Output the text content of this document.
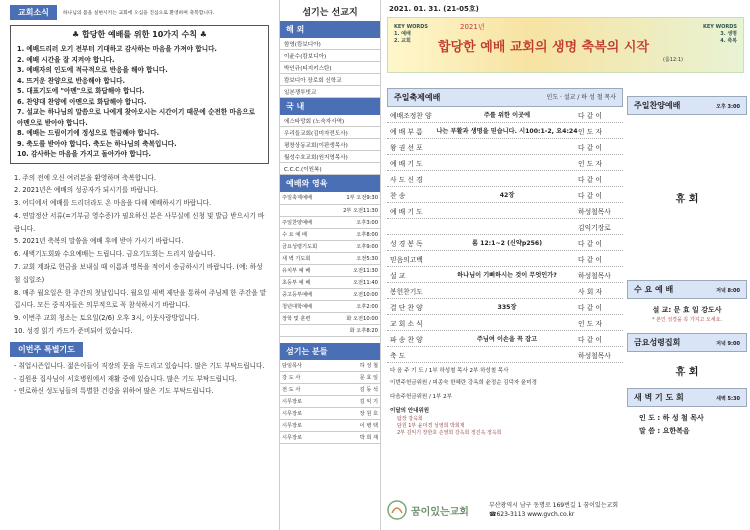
교회소식	하나님의 몸을 실현시키는 교회에 오심을 진심으로 환영하며 축복합니다.
♣ 합당한 예배를 위한 10가지 수칙 ♣
1. 예배드리러 오기 전부터 기대하고 감사하는 마음을 가져야 합니다.
2. 예배 시간을 잘 지켜야 합니다.
3. 예배자의 인도에 적극적으로 반응을 해야 합니다.
4. 뜨거운 찬양으로 반응해야 합니다.
5. 대표기도에 "아멘"으로 화답해야 합니다.
6. 찬양대 찬양에 아멘으로 화답해야 합니다.
7. 설교는 하나님의 말씀으로 나에게 찾아오시는 시간이기 때문에 순전한 마음으로 아멘으로 받아야 합니다.
8. 예배는 드림이기에 정성으로 헌금해야 합니다.
9. 축도를 받아야 합니다. 축도는 하나님의 축복입니다.
10. 감사하는 마음을 가지고 돌아가야 합니다.
1. 주의 전에 오신 여러분을 환영하며 축복합니다.
2. 2021년은 예배의 성공자가 되시기를 바랍니다.
3. 어디에서 예배를 드리더라도 온 마음을 다해 예배하시기 바랍니다.
4. 연말정산 서류(=기부금 영수증)가 필요하신 분은 사무실에 신청 및 발급 받으시기 바랍니다.
5. 2021년 축복의 말씀을 예배 후에 받아 가시기 바랍니다.
6. 새벽기도회와 수요예배는 드립니다. 금요기도회는 드리지 않습니다.
7. 교회 계좌로 헌금을 보내실 때 이름과 명목을 적어서 송금하시기 바랍니다. (예: 하성철 십일조)
8. 매주 월요일은 한 주간의 첫날입니다. 월요일 새벽 제단을 통하여 주님께 한 주간을 맡깁시다. 모든 중직자들은 의무적으로 꼭 참석하시기 바랍니다.
9. 이번주 교회 청소는 토요일(2/6) 오후 3시, 이웃사랑방입니다.
10. 성경 읽기 카드가 준비되어 있습니다.
이번주 특별기도
- 취업시즌입니다. 젊은이들이 직장의 문을 두드리고 있습니다. 많은 기도 부탁드립니다.
- 김원용 집사님이 서호병원에서 재활 중에 있습니다. 많은 기도 부탁드립니다.
- 연로하신 성도님들의 특별한 건강을 위하여 많은 기도 부탁드립니다.
섬기는 선교지
해 외
함영(캄보디아)
이윤수(캄보디아)
박인규(티지키스탄)
캄보디아 장로회 신학교
일본쟁투빗교
국 내
에스타망회 (노숙자사역)
우리들교회(김미자전도사)
평창상동교회(이판생목사)
월성수호교회(원지영목사)
C.C.C.(이원복)
예배와 영육
주일축제예배	1부 오전9:30
	2부 오전11:30
주일찬양예배	오후3:00
수 요 예 배	오후8:00
금요성령기도회	오후9:00
새 벽 기도회	오전5:30
유치부 예 배	오전11:30
초등부 예 배	오전11:40
중고등부예배	오전10:00
청년대학예배	오후2:00
장학 및 훈련	화 오전10:00
	화 오후8:20
섬기는 분들
담임목사	하 성 철
강 도 사	문 효 일
전 도 사	김 동 석
시무장로	김 익 기
시무장로	장 원 호
시무장로	이 병 택
시무장로	박 희 재
2021. 01. 31. (21-05호)
KEY WORDS
1. 예배
2. 교회
2021년
합당한 예배 교회의 생명 축복의 시작
(롬12:1)
KEY WORDS
3. 생명
4. 축복
주일축제예배	인도 · 설교 / 하 성 철 목사
예배조정찬 양	주를 위한 이곳에	다 같 이
예 배 부 름	나는 부활과 생명을 믿습니다. 시100:1-2, 요4:24 인 도 자
왕 권 선 포	다 같 이
예 배 기 도	인 도 자
사 도 신 경	다 같 이
찬 송	42장	다 같 이
예 배 기 도	하성철목사
김익기장로
성 경 봉 독	롬 12:1~2 (신약p256)	다 같 이
믿음의고백	다 같 이
설 교	하나님이 기뻐하시는 것이 무엇인가?	하성철목사
봉헌찬기도	사 회 자
결 단 찬 양	335장	다 같 이
교 회 소 식	인 도 자
파 송 찬 양	주님여 이손을 꼭 잡고	다 같 이
축 도	하성철목사
다 음 주 기 도 / 1부 하성철 목사 2부 하성철 목사
이번주헌금위원 / 피종숙 한혜란 강옥희 윤정순 김덕자 윤미경
다음주헌금위원 / 1부 2부
이달의 안내위원
탐장 강옥희
담원 1부 윤미경 성영희 박희재
2부 김익기 장한호 손영희 강옥희 정진옥 정옥희
주일찬양예배	오후 3:00
휴 회
수 요 예 배	저녁 8:00
설 교: 문 효 일 강도사
* 본인 성경을 꼭 가지고 오세요.
금요성령집회	저녁 9:00
휴 회
새 벽 기 도 회	새벽 5:30
인 도 : 하 성 철 목사
말 씀 : 요한복음
꿈이있는교회
부산광역시 남구 동명로 169번길 1 꿈이있는교회
☎623-3113 www.gvch.co.kr
